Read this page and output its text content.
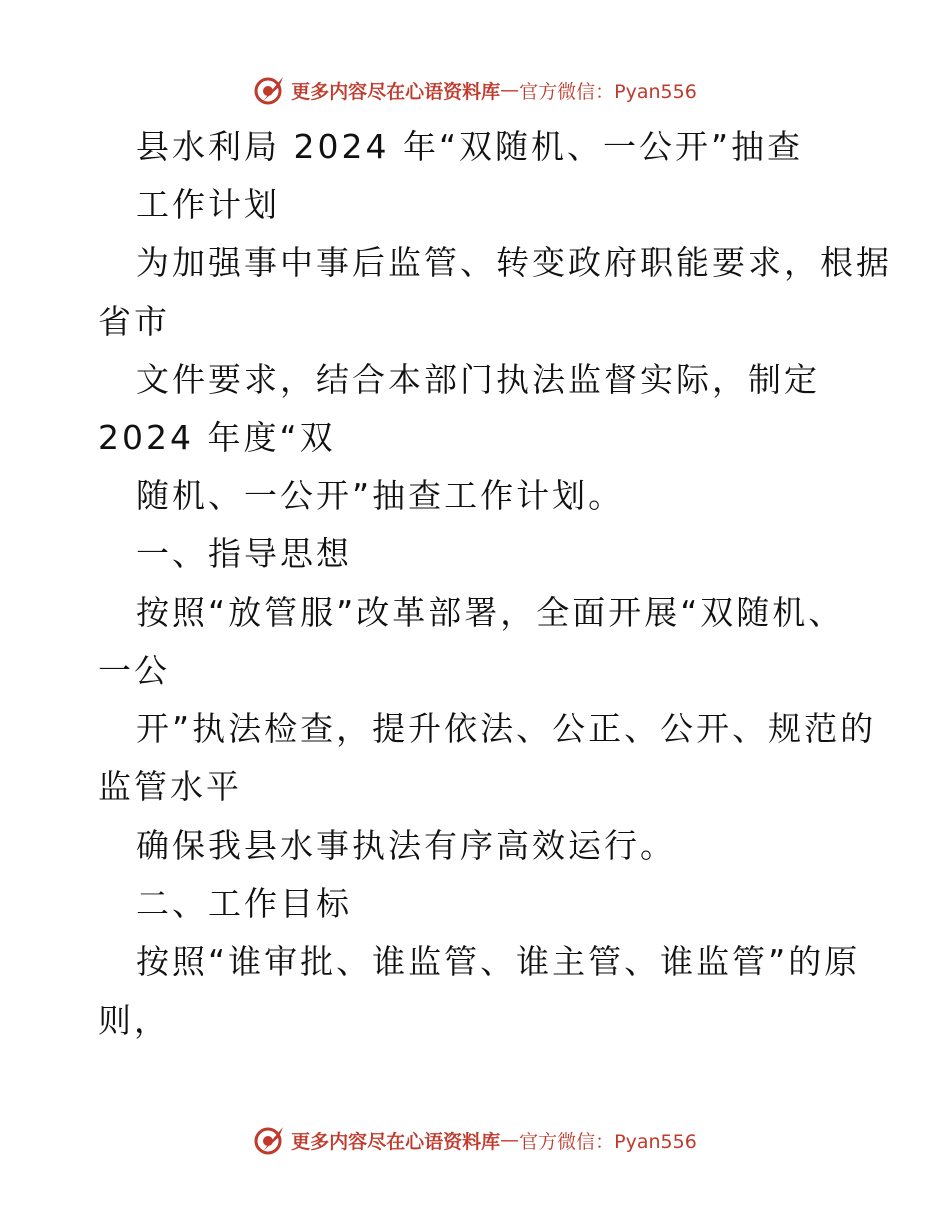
更多内容尽在心语资料库 — 官方微信：Pyan556
县水利局 2024 年“双随机、一公开”抽查
工作计划
为加强事中事后监管、转变政府职能要求，根据
省市
文件要求，结合本部门执法监督实际，制定
2024 年度“双
随机、一公开”抽查工作计划。
一、指导思想
按照“放管服”改革部署，全面开展“双随机、
一公
开”执法检查，提升依法、公正、公开、规范的
监管水平
确保我县水事执法有序高效运行。
二、工作目标
按照“谁审批、谁监管、谁主管、谁监管”的原
则，
更多内容尽在心语资料库 — 官方微信：Pyan556
